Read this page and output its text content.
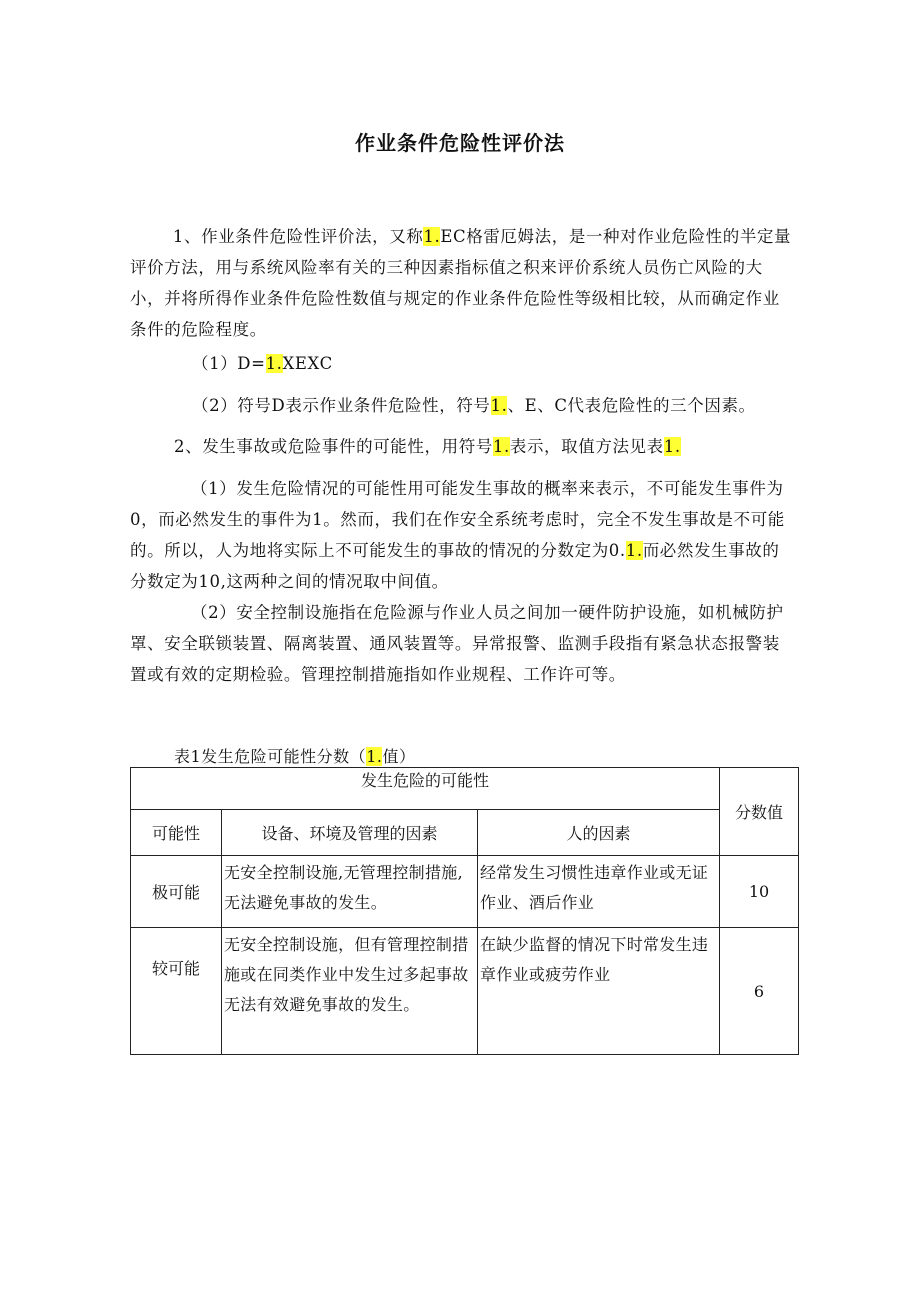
作业条件危险性评价法
1、作业条件危险性评价法，又称1.EC格雷厄姆法，是一种对作业危险性的半定量评价方法，用与系统风险率有关的三种因素指标值之积来评价系统人员伤亡风险的大小，并将所得作业条件危险性数值与规定的作业条件危险性等级相比较，从而确定作业条件的危险程度。
（1）D=1.XEXC
（2）符号D表示作业条件危险性，符号1.、E、C代表危险性的三个因素。
2、发生事故或危险事件的可能性，用符号1.表示，取值方法见表1.
（1）发生危险情况的可能性用可能发生事故的概率来表示，不可能发生事件为0，而必然发生的事件为1。然而，我们在作安全系统考虑时，完全不发生事故是不可能的。所以，人为地将实际上不可能发生的事故的情况的分数定为0.1.而必然发生事故的分数定为10,这两种之间的情况取中间值。
（2）安全控制设施指在危险源与作业人员之间加一硬件防护设施，如机械防护罩、安全联锁装置、隔离装置、通风装置等。异常报警、监测手段指有紧急状态报警装置或有效的定期检验。管理控制措施指如作业规程、工作许可等。
表1发生危险可能性分数（1.值）
发生危险的可能性			分数值
可能性	设备、环境及管理的因素	人的因素	
极可能	无安全控制设施,无管理控制措施,无法避免事故的发生。	经常发生习惯性违章作业或无证作业、酒后作业	10

较可能	无安全控制设施，但有管理控制措施或在同类作业中发生过多起事故无法有效避免事故的发生。	在缺少监督的情况下时常发生违章作业或疲劳作业	6
